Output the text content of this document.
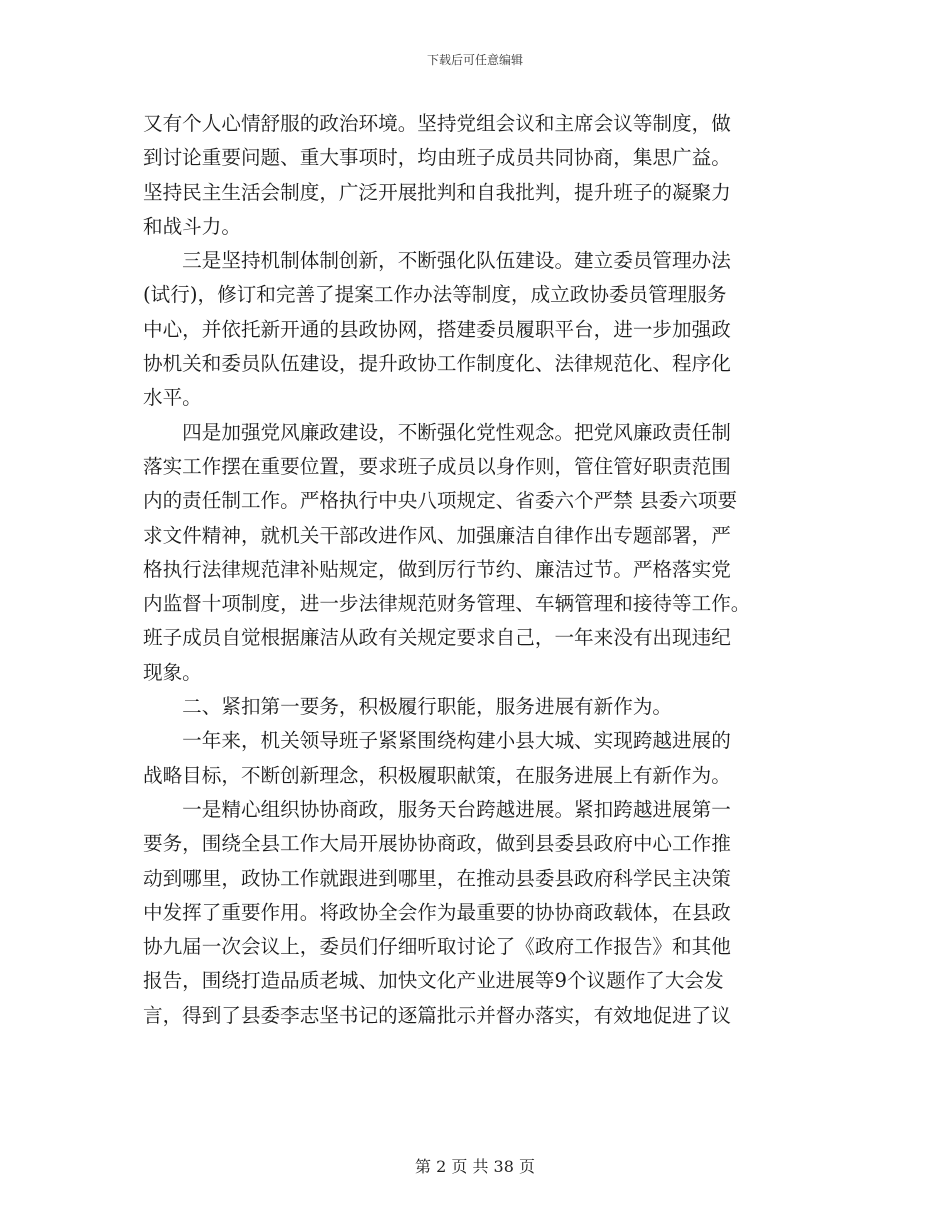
下载后可任意编辑
又有个人心情舒服的政治环境。坚持党组会议和主席会议等制度，做
到讨论重要问题、重大事项时，均由班子成员共同协商，集思广益。
坚持民主生活会制度，广泛开展批判和自我批判，提升班子的凝聚力
和战斗力。
　　三是坚持机制体制创新，不断强化队伍建设。建立委员管理办法
(试行)，修订和完善了提案工作办法等制度，成立政协委员管理服务
中心，并依托新开通的县政协网，搭建委员履职平台，进一步加强政
协机关和委员队伍建设，提升政协工作制度化、法律规范化、程序化
水平。
　　四是加强党风廉政建设，不断强化党性观念。把党风廉政责任制
落实工作摆在重要位置，要求班子成员以身作则，管住管好职责范围
内的责任制工作。严格执行中央八项规定、省委六个严禁 县委六项要
求文件精神，就机关干部改进作风、加强廉洁自律作出专题部署，严
格执行法律规范津补贴规定，做到厉行节约、廉洁过节。严格落实党
内监督十项制度，进一步法律规范财务管理、车辆管理和接待等工作。
班子成员自觉根据廉洁从政有关规定要求自己，一年来没有出现违纪
现象。
　　二、紧扣第一要务，积极履行职能，服务进展有新作为。
　　一年来，机关领导班子紧紧围绕构建小县大城、实现跨越进展的
战略目标，不断创新理念，积极履职献策，在服务进展上有新作为。
　　一是精心组织协协商政，服务天台跨越进展。紧扣跨越进展第一
要务，围绕全县工作大局开展协协商政，做到县委县政府中心工作推
动到哪里，政协工作就跟进到哪里，在推动县委县政府科学民主决策
中发挥了重要作用。将政协全会作为最重要的协协商政载体，在县政
协九届一次会议上，委员们仔细听取讨论了《政府工作报告》和其他
报告，围绕打造品质老城、加快文化产业进展等9个议题作了大会发
言，得到了县委李志坚书记的逐篇批示并督办落实，有效地促进了议
第 2 页 共 38 页
